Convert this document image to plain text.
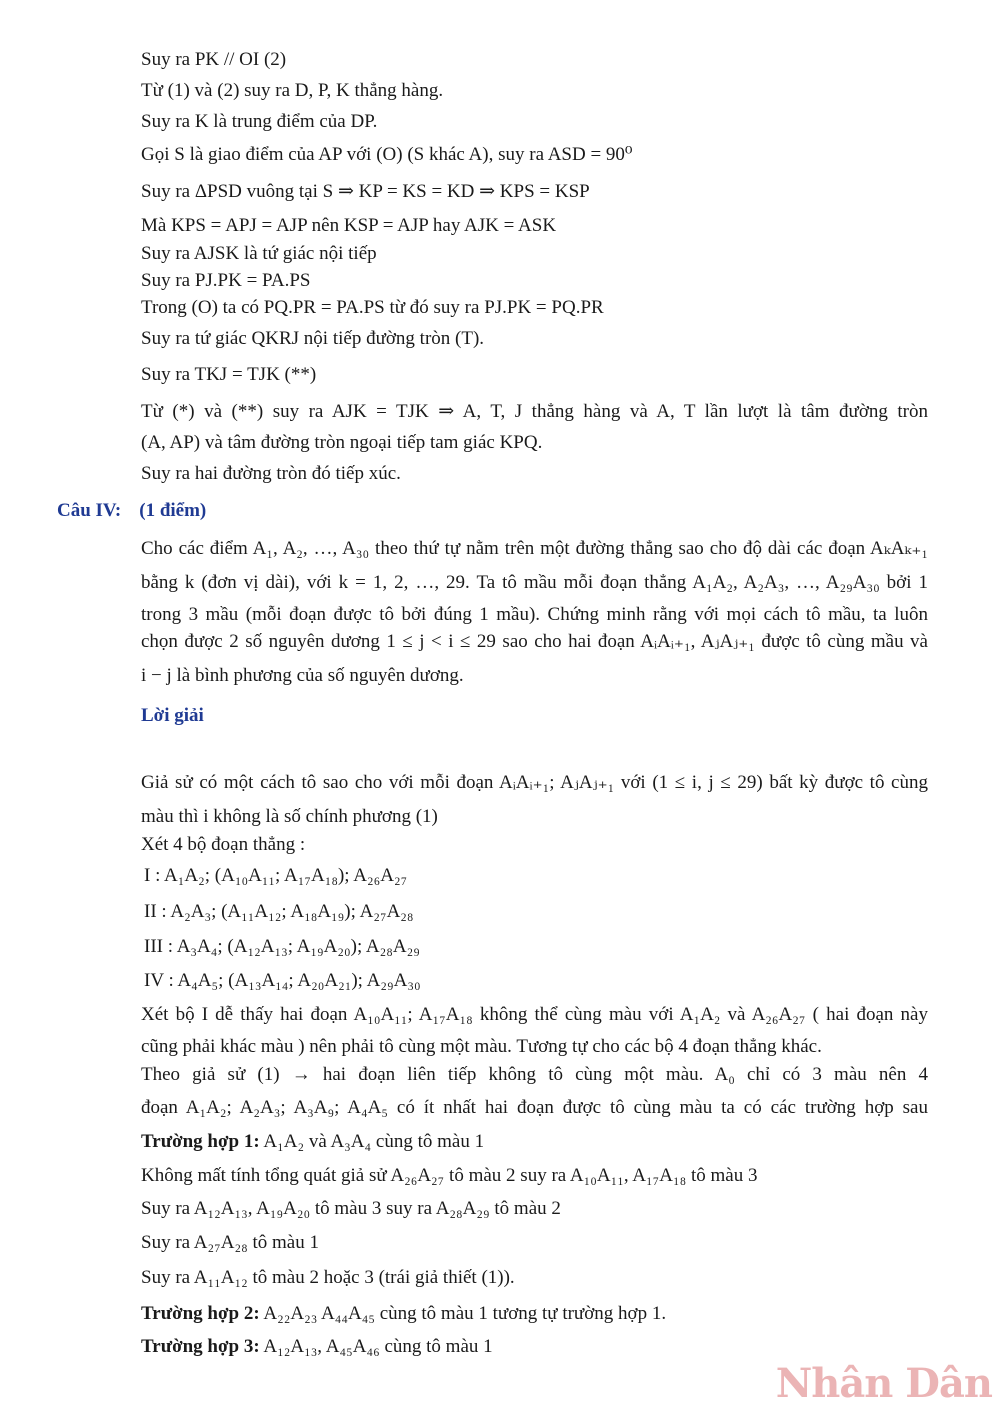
Suy ra PK // OI (2)
Từ (1) và (2) suy ra D, P, K thẳng hàng.
Suy ra K là trung điểm của DP.
Gọi S là giao điểm của AP với (O) (S khác A), suy ra ASD = 90⁰
Suy ra ΔPSD vuông tại S ⇒ KP = KS = KD ⇒ KPS = KSP
Mà KPS = APJ = AJP nên KSP = AJP hay AJK = ASK
Suy ra AJSK là tứ giác nội tiếp
Suy ra PJ.PK = PA.PS
Trong (O) ta có PQ.PR = PA.PS từ đó suy ra PJ.PK = PQ.PR
Suy ra tứ giác QKRJ nội tiếp đường tròn (T).
Suy ra TKJ = TJK (**)
Từ (*) và (**) suy ra AJK = TJK ⇒ A, T, J thẳng hàng và A, T lần lượt là tâm đường tròn
(A, AP) và tâm đường tròn ngoại tiếp tam giác KPQ.
Suy ra hai đường tròn đó tiếp xúc.
Câu IV: (1 điểm)
Cho các điểm A₁, A₂, …, A₃₀ theo thứ tự nằm trên một đường thẳng sao cho độ dài các đoạn AₖAₖ₊₁
bằng k (đơn vị dài), với k = 1, 2, …, 29. Ta tô mầu mỗi đoạn thẳng A₁A₂, A₂A₃, …, A₂₉A₃₀ bởi 1
trong 3 mầu (mỗi đoạn được tô bởi đúng 1 mầu). Chứng minh rằng với mọi cách tô mầu, ta luôn
chọn được 2 số nguyên dương 1 ≤ j < i ≤ 29 sao cho hai đoạn AᵢAᵢ₊₁, AⱼAⱼ₊₁ được tô cùng mầu và
i − j là bình phương của số nguyên dương.
Lời giải
Giả sử có một cách tô sao cho với mỗi đoạn AᵢAᵢ₊₁; AⱼAⱼ₊₁ với (1 ≤ i, j ≤ 29) bất kỳ được tô cùng
màu thì i không là số chính phương (1)
Xét 4 bộ đoạn thẳng :
I : A₁A₂; (A₁₀A₁₁; A₁₇A₁₈); A₂₆A₂₇
II : A₂A₃; (A₁₁A₁₂; A₁₈A₁₉); A₂₇A₂₈
III : A₃A₄; (A₁₂A₁₃; A₁₉A₂₀); A₂₈A₂₉
IV : A₄A₅; (A₁₃A₁₄; A₂₀A₂₁); A₂₉A₃₀
Xét bộ I dễ thấy hai đoạn A₁₀A₁₁; A₁₇A₁₈ không thể cùng màu với A₁A₂ và A₂₆A₂₇ ( hai đoạn này
cũng phải khác màu ) nên phải tô cùng một màu. Tương tự cho các bộ 4 đoạn thẳng khác.
Theo giả sử (1) → hai đoạn liên tiếp không tô cùng một màu. A₀ chỉ có 3 màu nên 4
đoạn A₁A₂; A₂A₃; A₃A₉; A₄A₅ có ít nhất hai đoạn được tô cùng màu ta có các trường hợp sau
Trường hợp 1: A₁A₂ và A₃A₄ cùng tô màu 1
Không mất tính tổng quát giả sử A₂₆A₂₇ tô màu 2 suy ra A₁₀A₁₁, A₁₇A₁₈ tô màu 3
Suy ra A₁₂A₁₃, A₁₉A₂₀ tô màu 3 suy ra A₂₈A₂₉ tô màu 2
Suy ra A₂₇A₂₈ tô màu 1
Suy ra A₁₁A₁₂ tô màu 2 hoặc 3 (trái giả thiết (1)).
Trường hợp 2: A₂₂A₂₃ A₄₄A₄₅ cùng tô màu 1 tương tự trường hợp 1.
Trường hợp 3: A₁₂A₁₃, A₄₅A₄₆ cùng tô màu 1
Nhân Dân
